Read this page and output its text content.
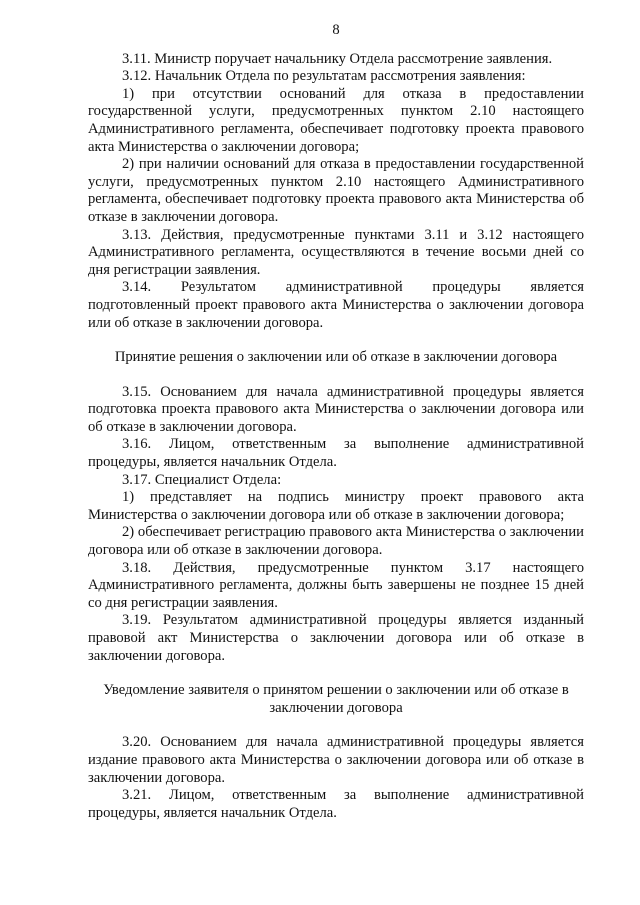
8

3.11. Министр поручает начальнику Отдела рассмотрение заявления.

3.12. Начальник Отдела по результатам рассмотрения заявления:

1) при отсутствии оснований для отказа в предоставлении государственной услуги, предусмотренных пунктом 2.10 настоящего Административного регламента, обеспечивает подготовку проекта правового акта Министерства о заключении договора;

2) при наличии оснований для отказа в предоставлении государственной услуги, предусмотренных пунктом 2.10 настоящего Административного регламента, обеспечивает подготовку проекта правового акта Министерства об отказе в заключении договора.

3.13. Действия, предусмотренные пунктами 3.11 и 3.12 настоящего Административного регламента, осуществляются в течение восьми дней со дня регистрации заявления.

3.14. Результатом административной процедуры является подготовленный проект правового акта Министерства о заключении договора или об отказе в заключении договора.

Принятие решения о заключении или об отказе в заключении договора

3.15. Основанием для начала административной процедуры является подготовка проекта правового акта Министерства о заключении договора или об отказе в заключении договора.

3.16. Лицом, ответственным за выполнение административной процедуры, является начальник Отдела.

3.17. Специалист Отдела:

1) представляет на подпись министру проект правового акта Министерства о заключении договора или об отказе в заключении договора;

2) обеспечивает регистрацию правового акта Министерства о заключении договора или об отказе в заключении договора.

3.18. Действия, предусмотренные пунктом 3.17 настоящего Административного регламента, должны быть завершены не позднее 15 дней со дня регистрации заявления.

3.19. Результатом административной процедуры является изданный правовой акт Министерства о заключении договора или об отказе в заключении договора.

Уведомление заявителя о принятом решении о заключении или об отказе в заключении договора

3.20. Основанием для начала административной процедуры является издание правового акта Министерства о заключении договора или об отказе в заключении договора.

3.21. Лицом, ответственным за выполнение административной процедуры, является начальник Отдела.
